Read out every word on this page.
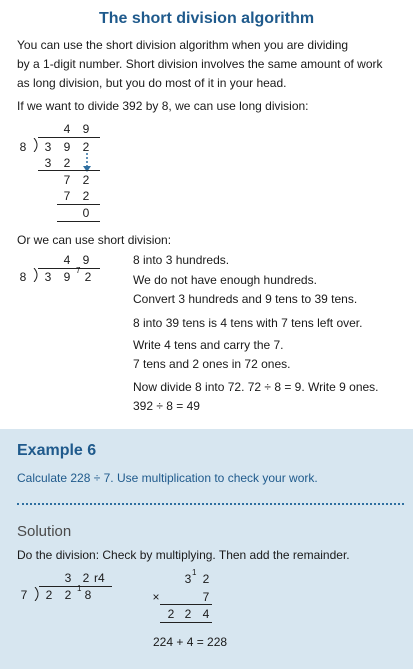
The short division algorithm
You can use the short division algorithm when you are dividing
by a 1-digit number. Short division involves the same amount of work
as long division, but you do most of it in your head.
If we want to divide 392 by 8, we can use long division:
4 9
8 3 9 2
3 2
7 2
7 2
0
Or we can use short division:
4 9
8 3 9 7 2
8 into 3 hundreds.
We do not have enough hundreds.
Convert 3 hundreds and 9 tens to 39 tens.
8 into 39 tens is 4 tens with 7 tens left over.
Write 4 tens and carry the 7.
7 tens and 2 ones in 72 ones.
Now divide 8 into 72. 72 ÷ 8 = 9. Write 9 ones.
392 ÷ 8 = 49
Example 6
Calculate 228 ÷ 7. Use multiplication to check your work.
Solution
Do the division: Check by multiplying. Then add the remainder.
3 2 r4
7 2 2 1 8
3 1 2
×	7
2 2 4
224 + 4 = 228
